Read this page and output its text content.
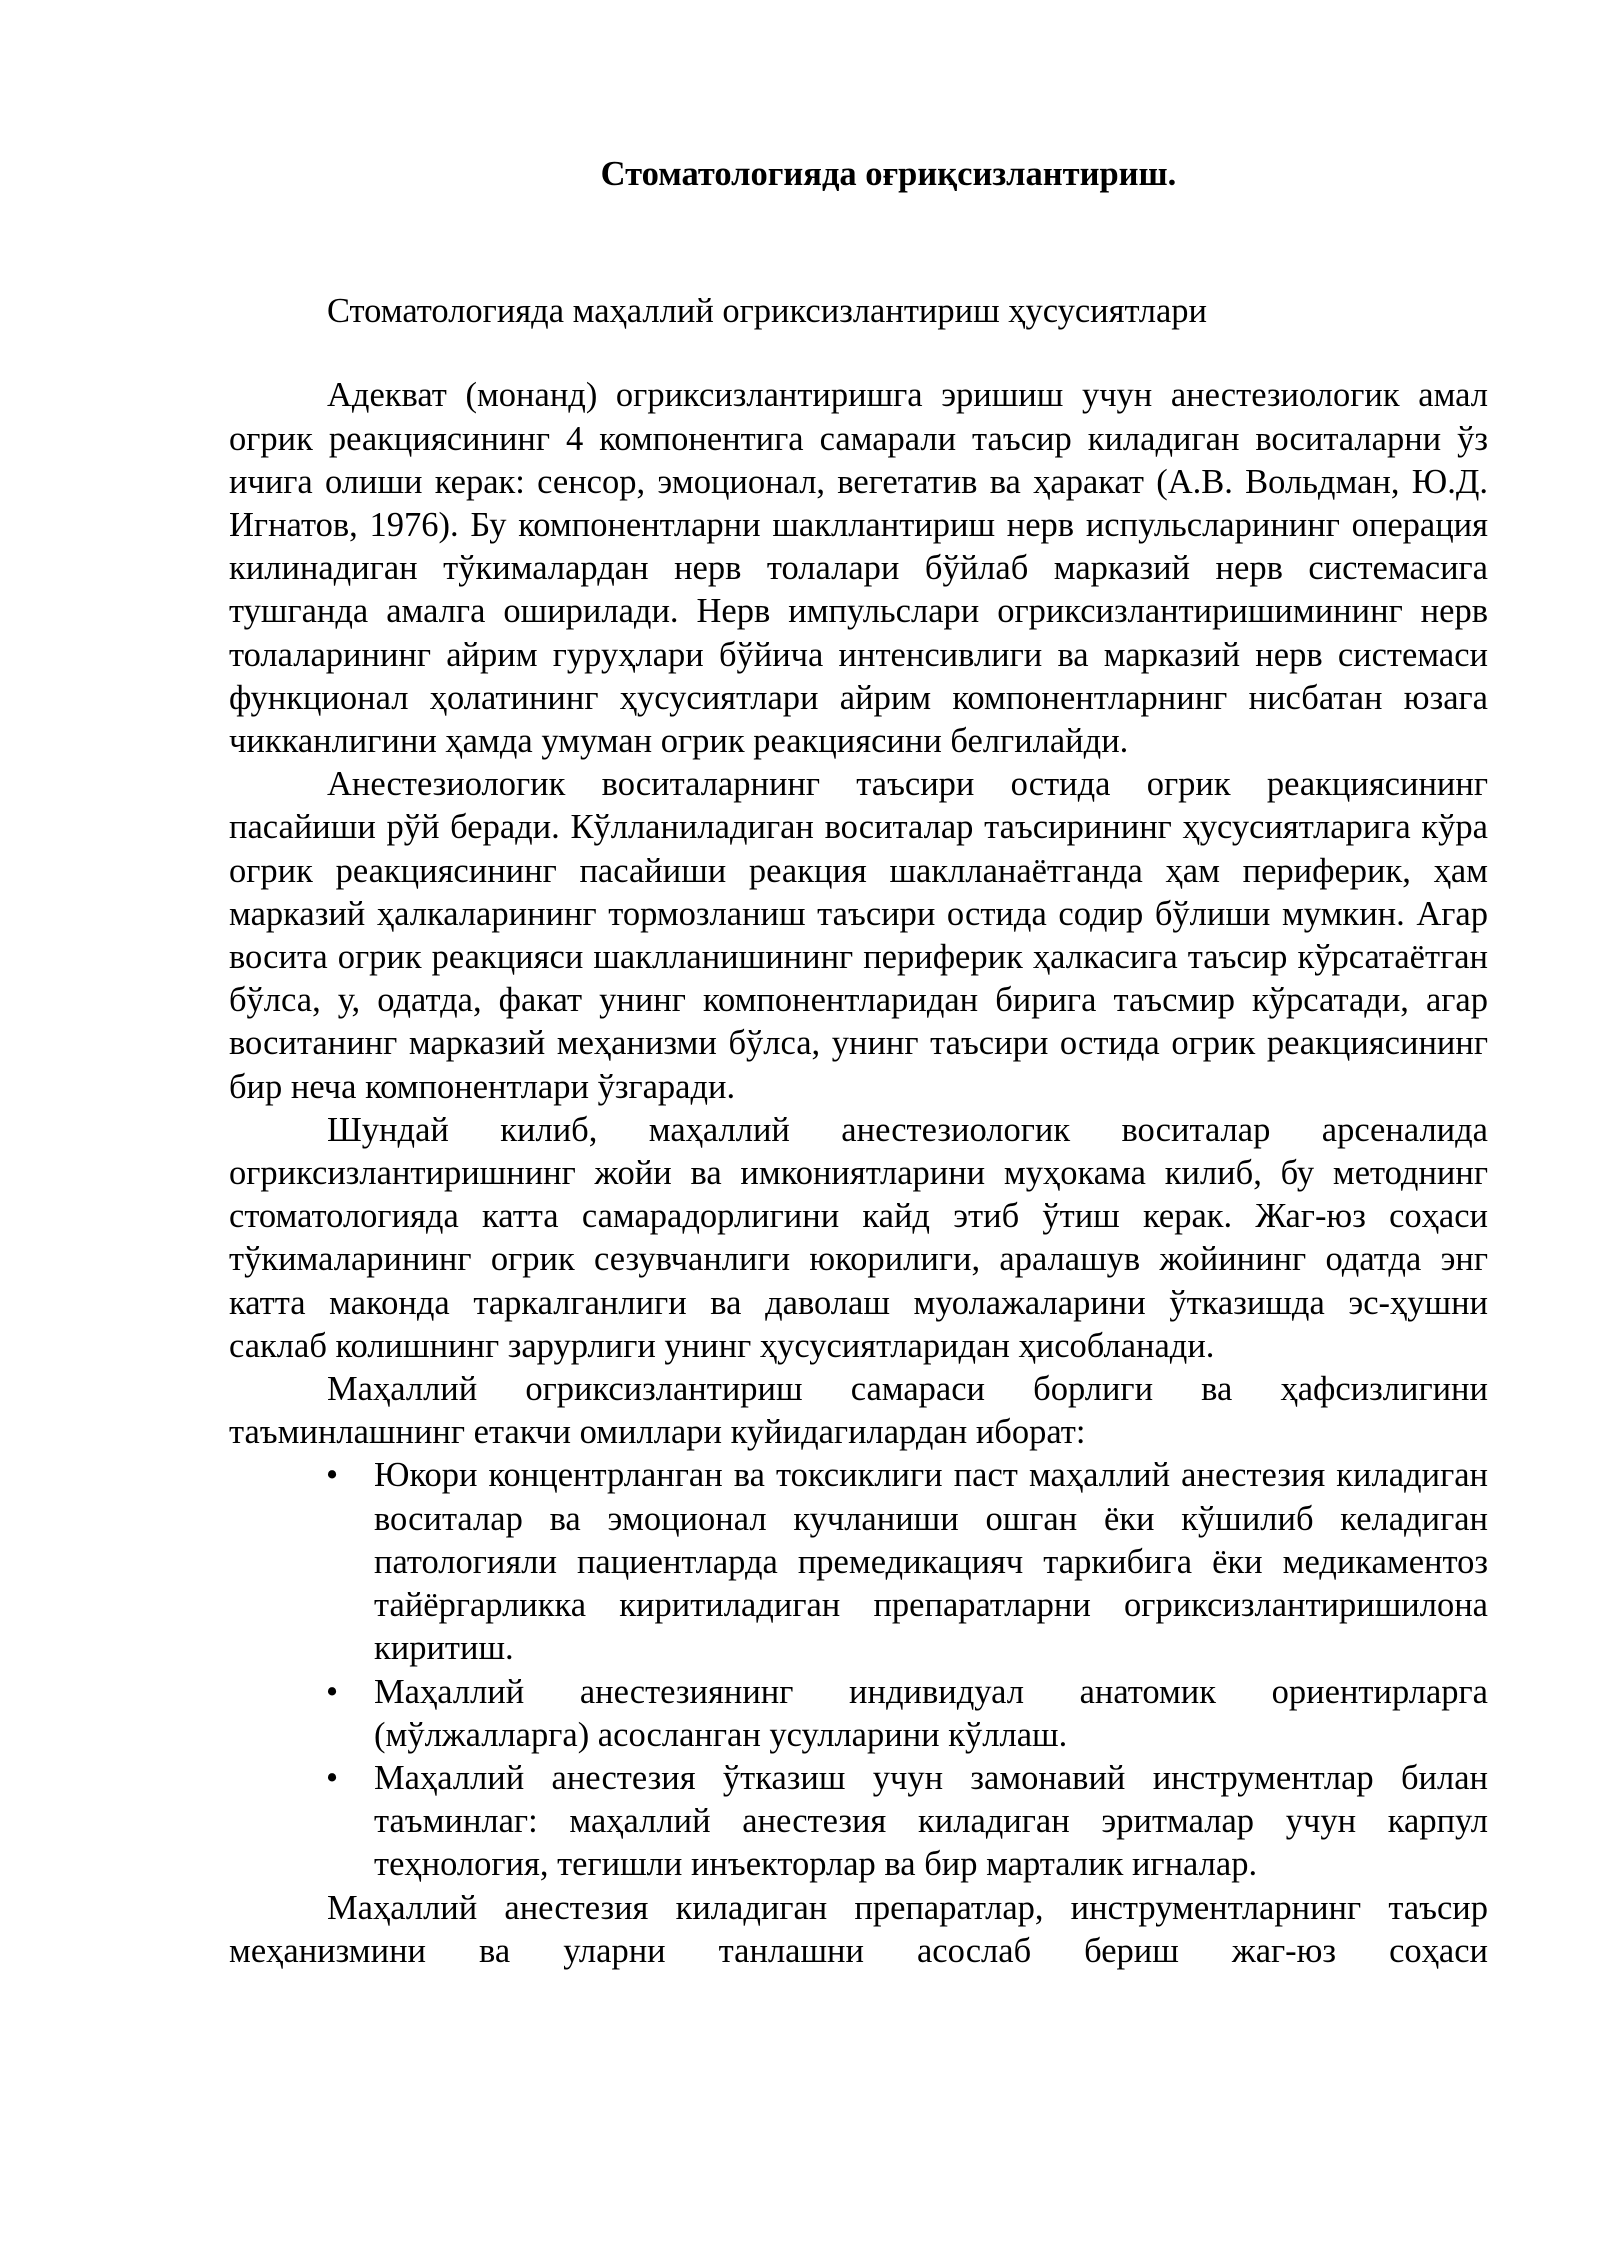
Стоматологияда оғриқсизлантириш.
Стоматологияда маҳаллий огриксизлантириш ҳусусиятлари

Адекват (монанд) огриксизлантиришга эришиш учун анестезиологик амал огрик реакциясининг 4 компонентига самарали таъсир киладиган воситаларни ўз ичига олиши керак: сенсор, эмоционал, вегетатив ва ҳаракат (А.В. Вольдман, Ю.Д. Игнатов, 1976). Бу компонентларни шакллантириш нерв испульсларининг операция килинадиган тўкималардан нерв толалари бўйлаб марказий нерв системасига тушганда амалга оширилади. Нерв импульслари огриксизлантиришимининг нерв толаларининг айрим гуруҳлари бўйича интенсивлиги ва марказий нерв системаси функционал ҳолатининг ҳусусиятлари айрим компонентларнинг нисбатан юзага чикканлигини ҳамда умуман огрик реакциясини белгилайди.

Анестезиологик воситаларнинг таъсири остида огрик реакциясининг пасайиши рўй беради. Кўлланиладиган воситалар таъсирининг ҳусусиятларига кўра огрик реакциясининг пасайиши реакция шаклланаётганда ҳам периферик, ҳам марказий ҳалкаларининг тормозланиш таъсири остида содир бўлиши мумкин. Агар восита огрик реакцияси шаклланишининг периферик ҳалкасига таъсир кўрсатаётган бўлса, у, одатда, факат унинг компонентларидан бирига таъсмир кўрсатади, агар воситанинг марказий меҳанизми бўлса, унинг таъсири остида огрик реакциясининг бир неча компонентлари ўзгаради.

Шундай килиб, маҳаллий анестезиологик воситалар арсеналида огриксизлантиришнинг жойи ва имкониятларини муҳокама килиб, бу методнинг стоматологияда катта самарадорлигини кайд этиб ўтиш керак. Жаг-юз соҳаси тўкималарининг огрик сезувчанлиги юкорилиги, аралашув жойининг одатда энг катта маконда таркалганлиги ва даволаш муолажаларини ўтказишда эс-ҳушни саклаб колишнинг зарурлиги унинг ҳусусиятларидан ҳисобланади.

Маҳаллий огриксизлантириш самараси борлиги ва ҳафсизлигини таъминлашнинг етакчи омиллари куйидагилардан иборат:

• Юкори концентрланган ва токсиклиги паст маҳаллий анестезия киладиган воситалар ва эмоционал кучланиши ошган ёки кўшилиб келадиган патологияли пациентларда премедикацияч таркибига ёки медикаментоз тайёргарликка киритиладиган препаратларни огриксизлантиришилона киритиш.
• Маҳаллий анестезиянинг индивидуал анатомик ориентирларга (мўлжалларга) асосланган усулларини кўллаш.
• Маҳаллий анестезия ўтказиш учун замонавий инструментлар билан таъминлаг: маҳаллий анестезия киладиган эритмалар учун карпул теҳнология, тегишли инъекторлар ва бир марталик игналар.

Маҳаллий анестезия киладиган препаратлар, инструментларнинг таъсир меҳанизмини ва уларни танлашни асослаб бериш жаг-юз соҳаси
